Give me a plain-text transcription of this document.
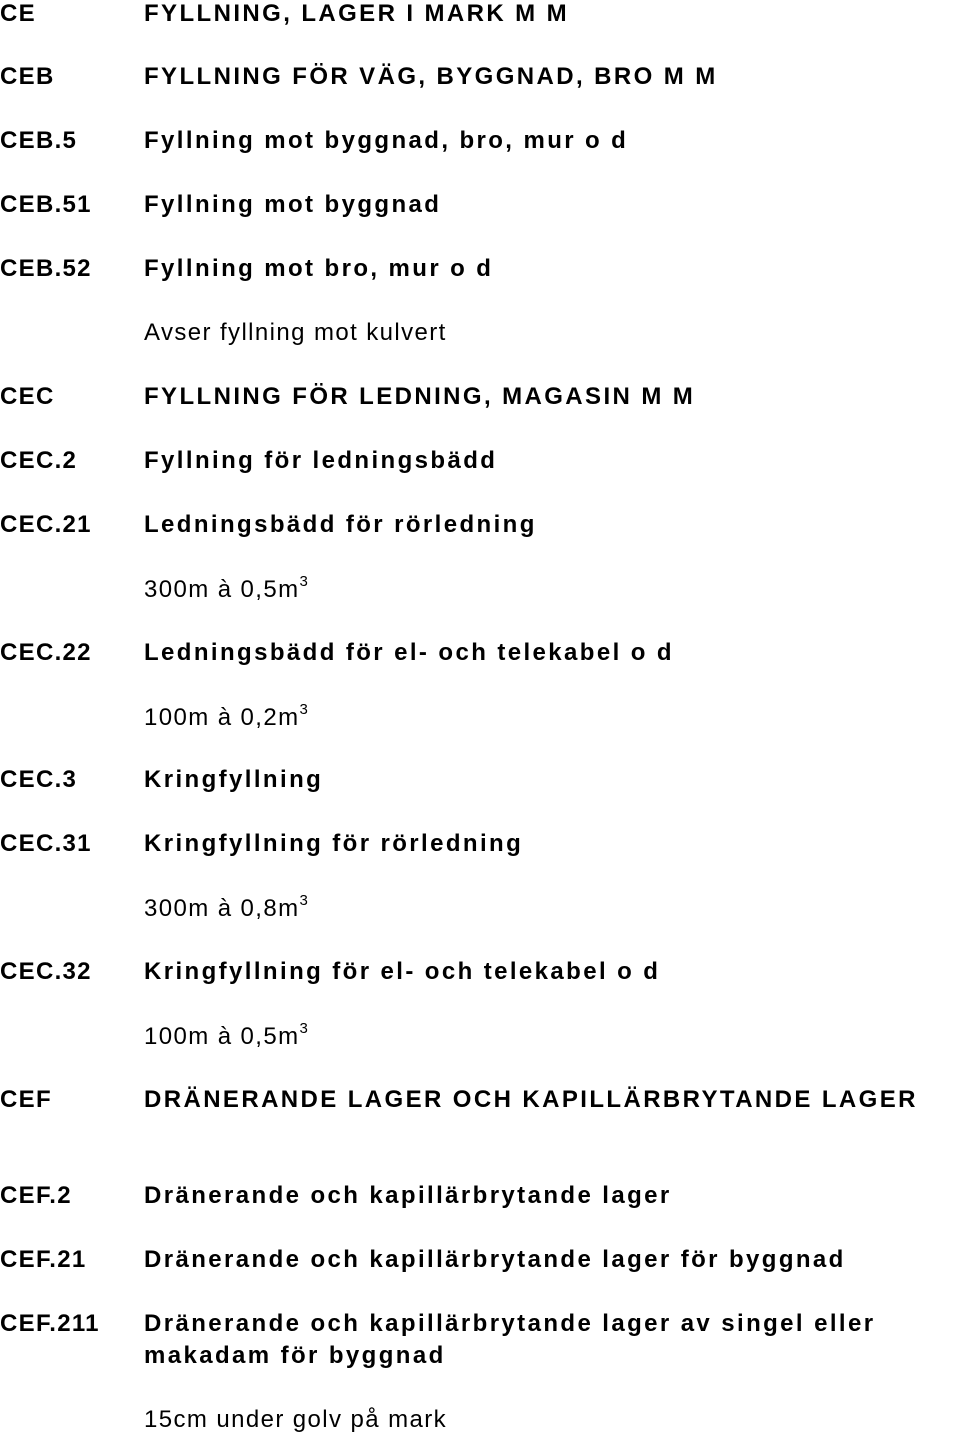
CE	FYLLNING, LAGER I MARK M M
CEB	FYLLNING FÖR VÄG, BYGGNAD, BRO M M
CEB.5	Fyllning mot byggnad, bro, mur o d
CEB.51 Fyllning mot byggnad
CEB.52 Fyllning mot bro, mur o d
Avser fyllning mot kulvert
CEC	FYLLNING FÖR LEDNING, MAGASIN M M
CEC.2	Fyllning för ledningsbädd
CEC.21 Ledningsbädd för rörledning
300m à $0,5m^3$
CEC.22 Ledningsbädd för el- och telekabel o d
100m à $0,2m^3$
CEC.3	Kringfyllning
CEC.31 Kringfyllning för rörledning
300m à $0,8m^3$
CEC.32 Kringfyllning för el- och telekabel o d
100m à $0,5m^3$
CEF	DRÄNERANDE LAGER OCH KAPILLÄRBRYTANDE LAGER
CEF.2	Dränerande och kapillärbrytande lager
CEF.21 Dränerande och kapillärbrytande lager för byggnad
CEF.211 Dränerande och kapillärbrytande lager av singel eller makadam för byggnad
15cm under golv på mark
